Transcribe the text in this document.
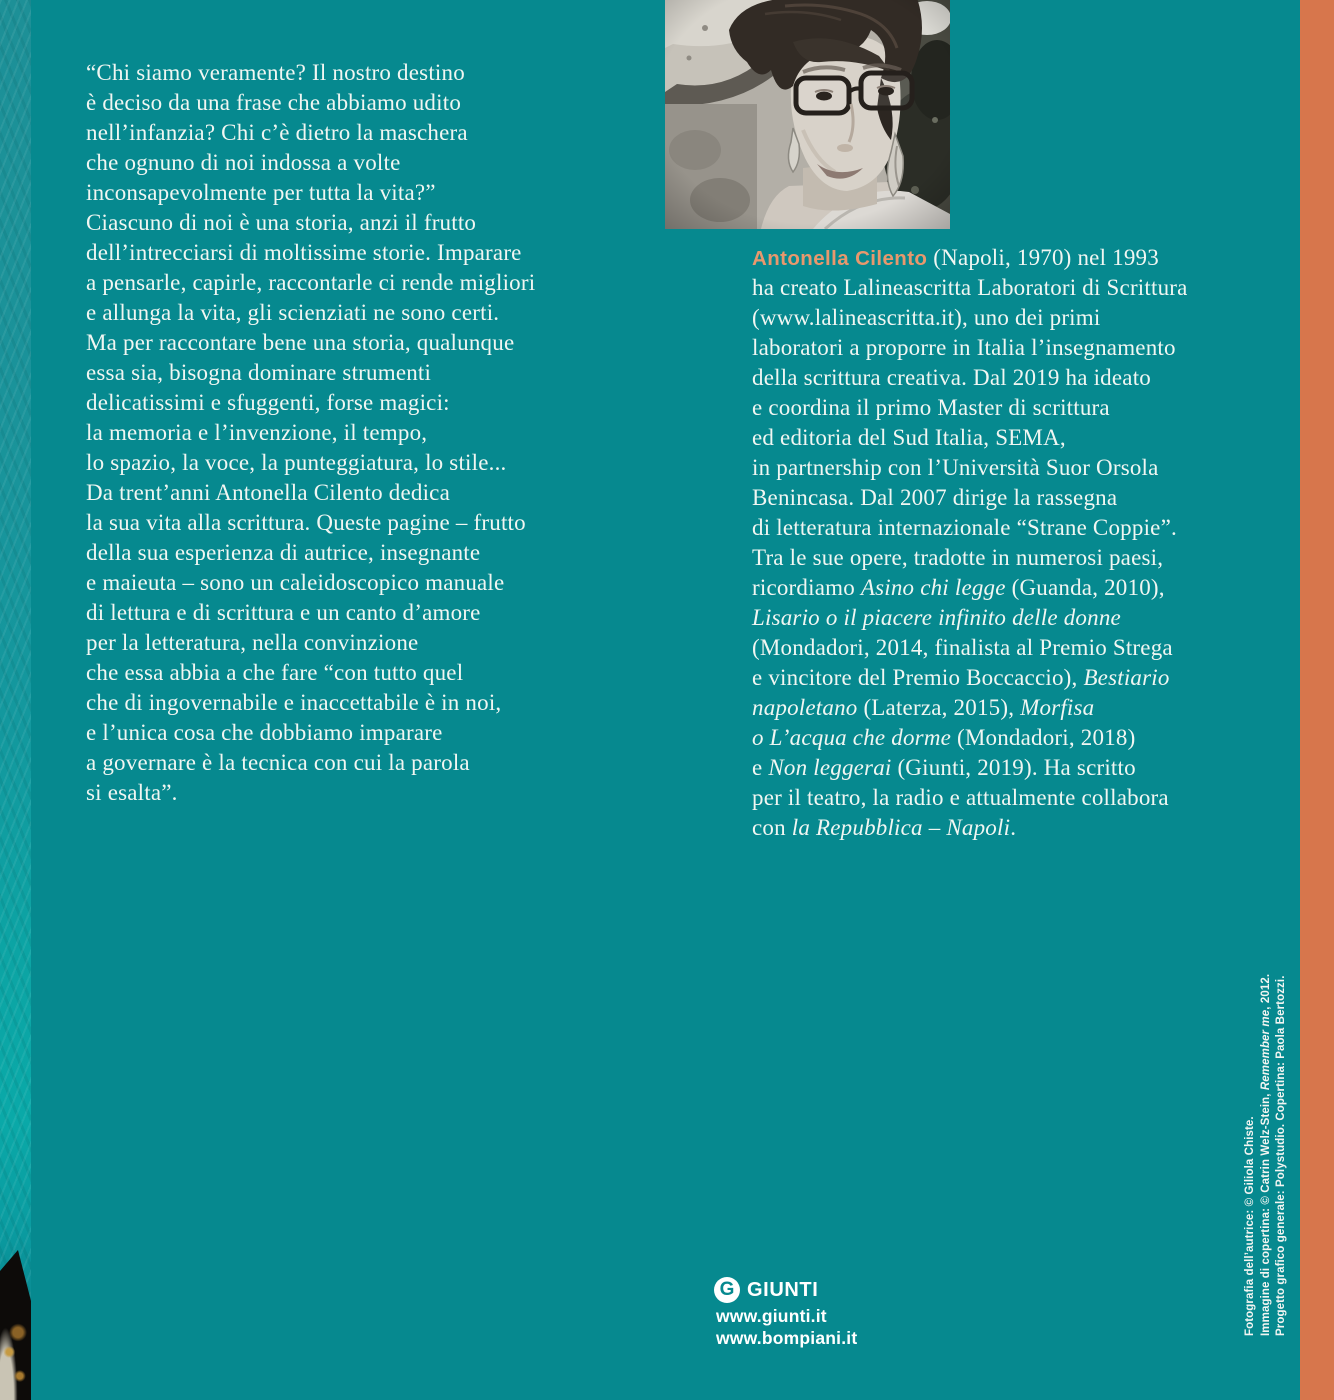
“Chi siamo veramente? Il nostro destino
è deciso da una frase che abbiamo udito
nell’infanzia? Chi c’è dietro la maschera
che ognuno di noi indossa a volte
inconsapevolmente per tutta la vita?”
Ciascuno di noi è una storia, anzi il frutto
dell’intrecciarsi di moltissime storie. Imparare
a pensarle, capirle, raccontarle ci rende migliori
e allunga la vita, gli scienziati ne sono certi.
Ma per raccontare bene una storia, qualunque
essa sia, bisogna dominare strumenti
delicatissimi e sfuggenti, forse magici:
la memoria e l’invenzione, il tempo,
lo spazio, la voce, la punteggiatura, lo stile...
Da trent’anni Antonella Cilento dedica
la sua vita alla scrittura. Queste pagine – frutto
della sua esperienza di autrice, insegnante
e maieuta – sono un caleidoscopico manuale
di lettura e di scrittura e un canto d’amore
per la letteratura, nella convinzione
che essa abbia a che fare “con tutto quel
che di ingovernabile e inaccettabile è in noi,
e l’unica cosa che dobbiamo imparare
a governare è la tecnica con cui la parola
si esalta”.
Antonella Cilento (Napoli, 1970) nel 1993
ha creato Lalineascritta Laboratori di Scrittura
(www.lalineascritta.it), uno dei primi
laboratori a proporre in Italia l’insegnamento
della scrittura creativa. Dal 2019 ha ideato
e coordina il primo Master di scrittura
ed editoria del Sud Italia, SEMA,
in partnership con l’Università Suor Orsola
Benincasa. Dal 2007 dirige la rassegna
di letteratura internazionale “Strane Coppie”.
Tra le sue opere, tradotte in numerosi paesi,
ricordiamo Asino chi legge (Guanda, 2010),
Lisario o il piacere infinito delle donne
(Mondadori, 2014, finalista al Premio Strega
e vincitore del Premio Boccaccio), Bestiario
napoletano (Laterza, 2015), Morfisa
o L’acqua che dorme (Mondadori, 2018)
e Non leggerai (Giunti, 2019). Ha scritto
per il teatro, la radio e attualmente collabora
con la Repubblica – Napoli.
Fotografia dell’autrice: © Giliola Chiste. Immagine di copertina: © Catrin Welz-Stein, Remember me, 2012. Progetto grafico generale: Polystudio. Copertina: Paola Bertozzi.
G GIUNTI
www.giunti.it
www.bompiani.it
